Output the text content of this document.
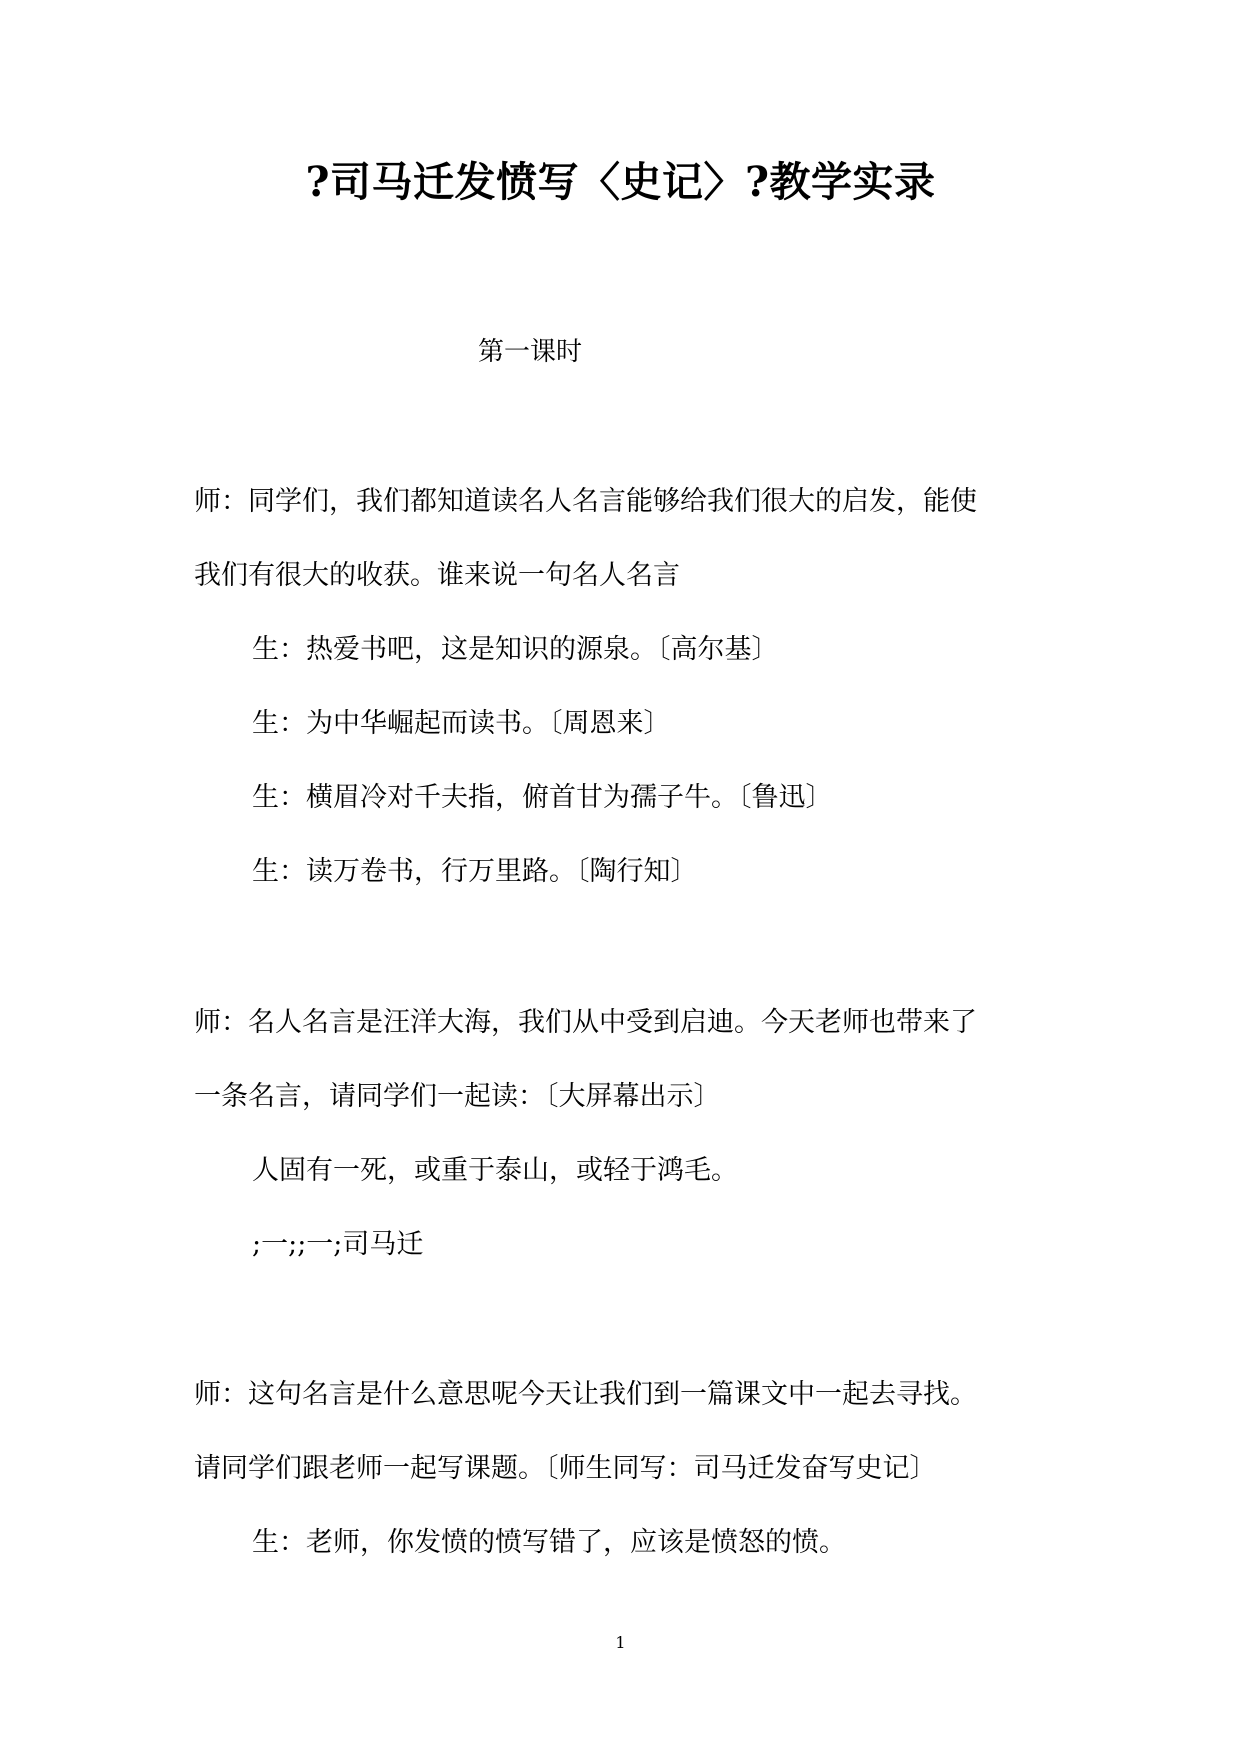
?司马迁发愤写〈史记〉?教学实录
第一课时
师：同学们，我们都知道读名人名言能够给我们很大的启发，能使
我们有很大的收获。谁来说一句名人名言
生：热爱书吧，这是知识的源泉。〔高尔基〕
生：为中华崛起而读书。〔周恩来〕
生：横眉冷对千夫指，俯首甘为孺子牛。〔鲁迅〕
生：读万卷书，行万里路。〔陶行知〕
师：名人名言是汪洋大海，我们从中受到启迪。今天老师也带来了
一条名言，请同学们一起读：〔大屏幕出示〕
人固有一死，或重于泰山，或轻于鸿毛。
;一;;一;司马迁
师：这句名言是什么意思呢今天让我们到一篇课文中一起去寻找。
请同学们跟老师一起写课题。〔师生同写：司马迁发奋写史记〕
生：老师，你发愤的愤写错了，应该是愤怒的愤。
1
